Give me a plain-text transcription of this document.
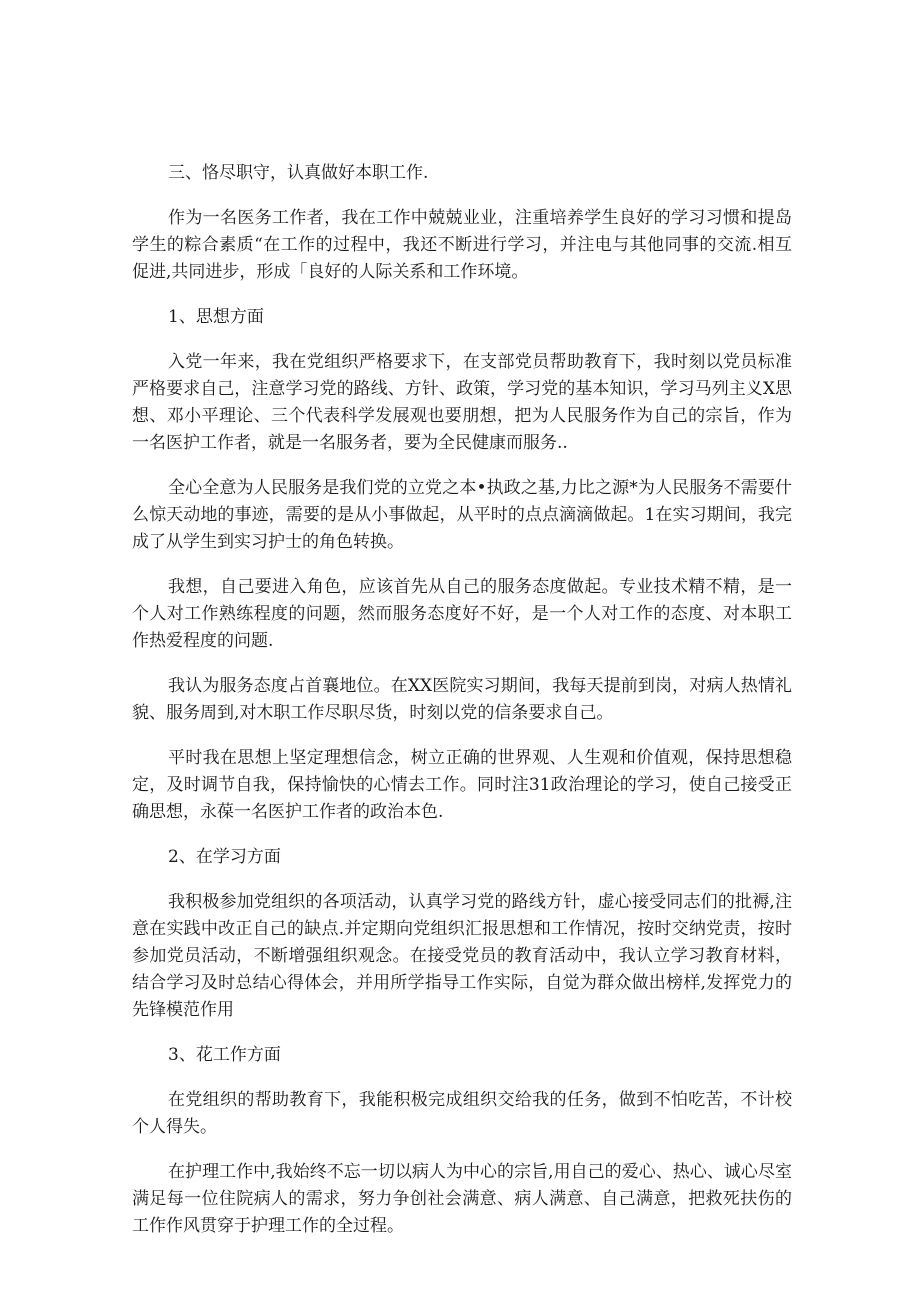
三、恪尽职守，认真做好本职工作.

作为一名医务工作者，我在工作中兢兢业业，注重培养学生良好的学习习惯和提岛学生的粽合素质“在工作的过程中，我还不断进行学习，并注电与其他同事的交流.相互促进,共同进步，形成「良好的人际关系和工作环境。

1、思想方面

入党一年来，我在党组织严格要求下，在支部党员帮助教育下，我时刻以党员标准严格要求自己，注意学习党的路线、方针、政策，学习党的基本知识，学习马列主义X思想、邓小平理论、三个代表科学发展观也要朋想，把为人民服务作为自己的宗旨，作为一名医护工作者，就是一名服务者，要为全民健康而服务..

全心全意为人民服务是我们党的立党之本•执政之基,力比之源*为人民服务不需要什么惊天动地的事迹，需要的是从小事做起，从平时的点点滴滴做起。1在实习期间，我完成了从学生到实习护士的角色转换。

我想，自己要进入角色，应该首先从自己的服务态度做起。专业技术精不精，是一个人对工作熟练程度的问题，然而服务态度好不好，是一个人对工作的态度、对本职工作热爱程度的问题.

我认为服务态度占首襄地位。在XX医院实习期间，我每天提前到岗，对病人热情礼貌、服务周到,对木职工作尽职尽货，时刻以党的信条要求自己。

平时我在思想上坚定理想信念，树立正确的世界观、人生观和价值观，保持思想稳定，及时调节自我，保持愉快的心情去工作。同时注31政治理论的学习，使自己接受正确思想，永葆一名医护工作者的政治本色.

2、在学习方面

我积极参加党组织的各项活动，认真学习党的路线方针，虚心接受同志们的批褥,注意在实践中改正自己的缺点.并定期向党组织汇报思想和工作情况，按时交纳党责，按时参加党员活动，不断增强组织观念。在接受党员的教育活动中，我认立学习教育材料，结合学习及时总结心得体会，并用所学指导工作实际，自觉为群众做出榜样,发挥党力的先锋模范作用

3、花工作方面

在党组织的帮助教育下，我能积极完成组织交给我的任务，做到不怕吃苦，不计校个人得失。

在护理工作中,我始终不忘一切以病人为中心的宗旨,用自己的爱心、热心、诚心尽室满足每一位住院病人的需求，努力争创社会满意、病人满意、自己满意，把救死扶伤的工作作风贯穿于护理工作的全过程。
